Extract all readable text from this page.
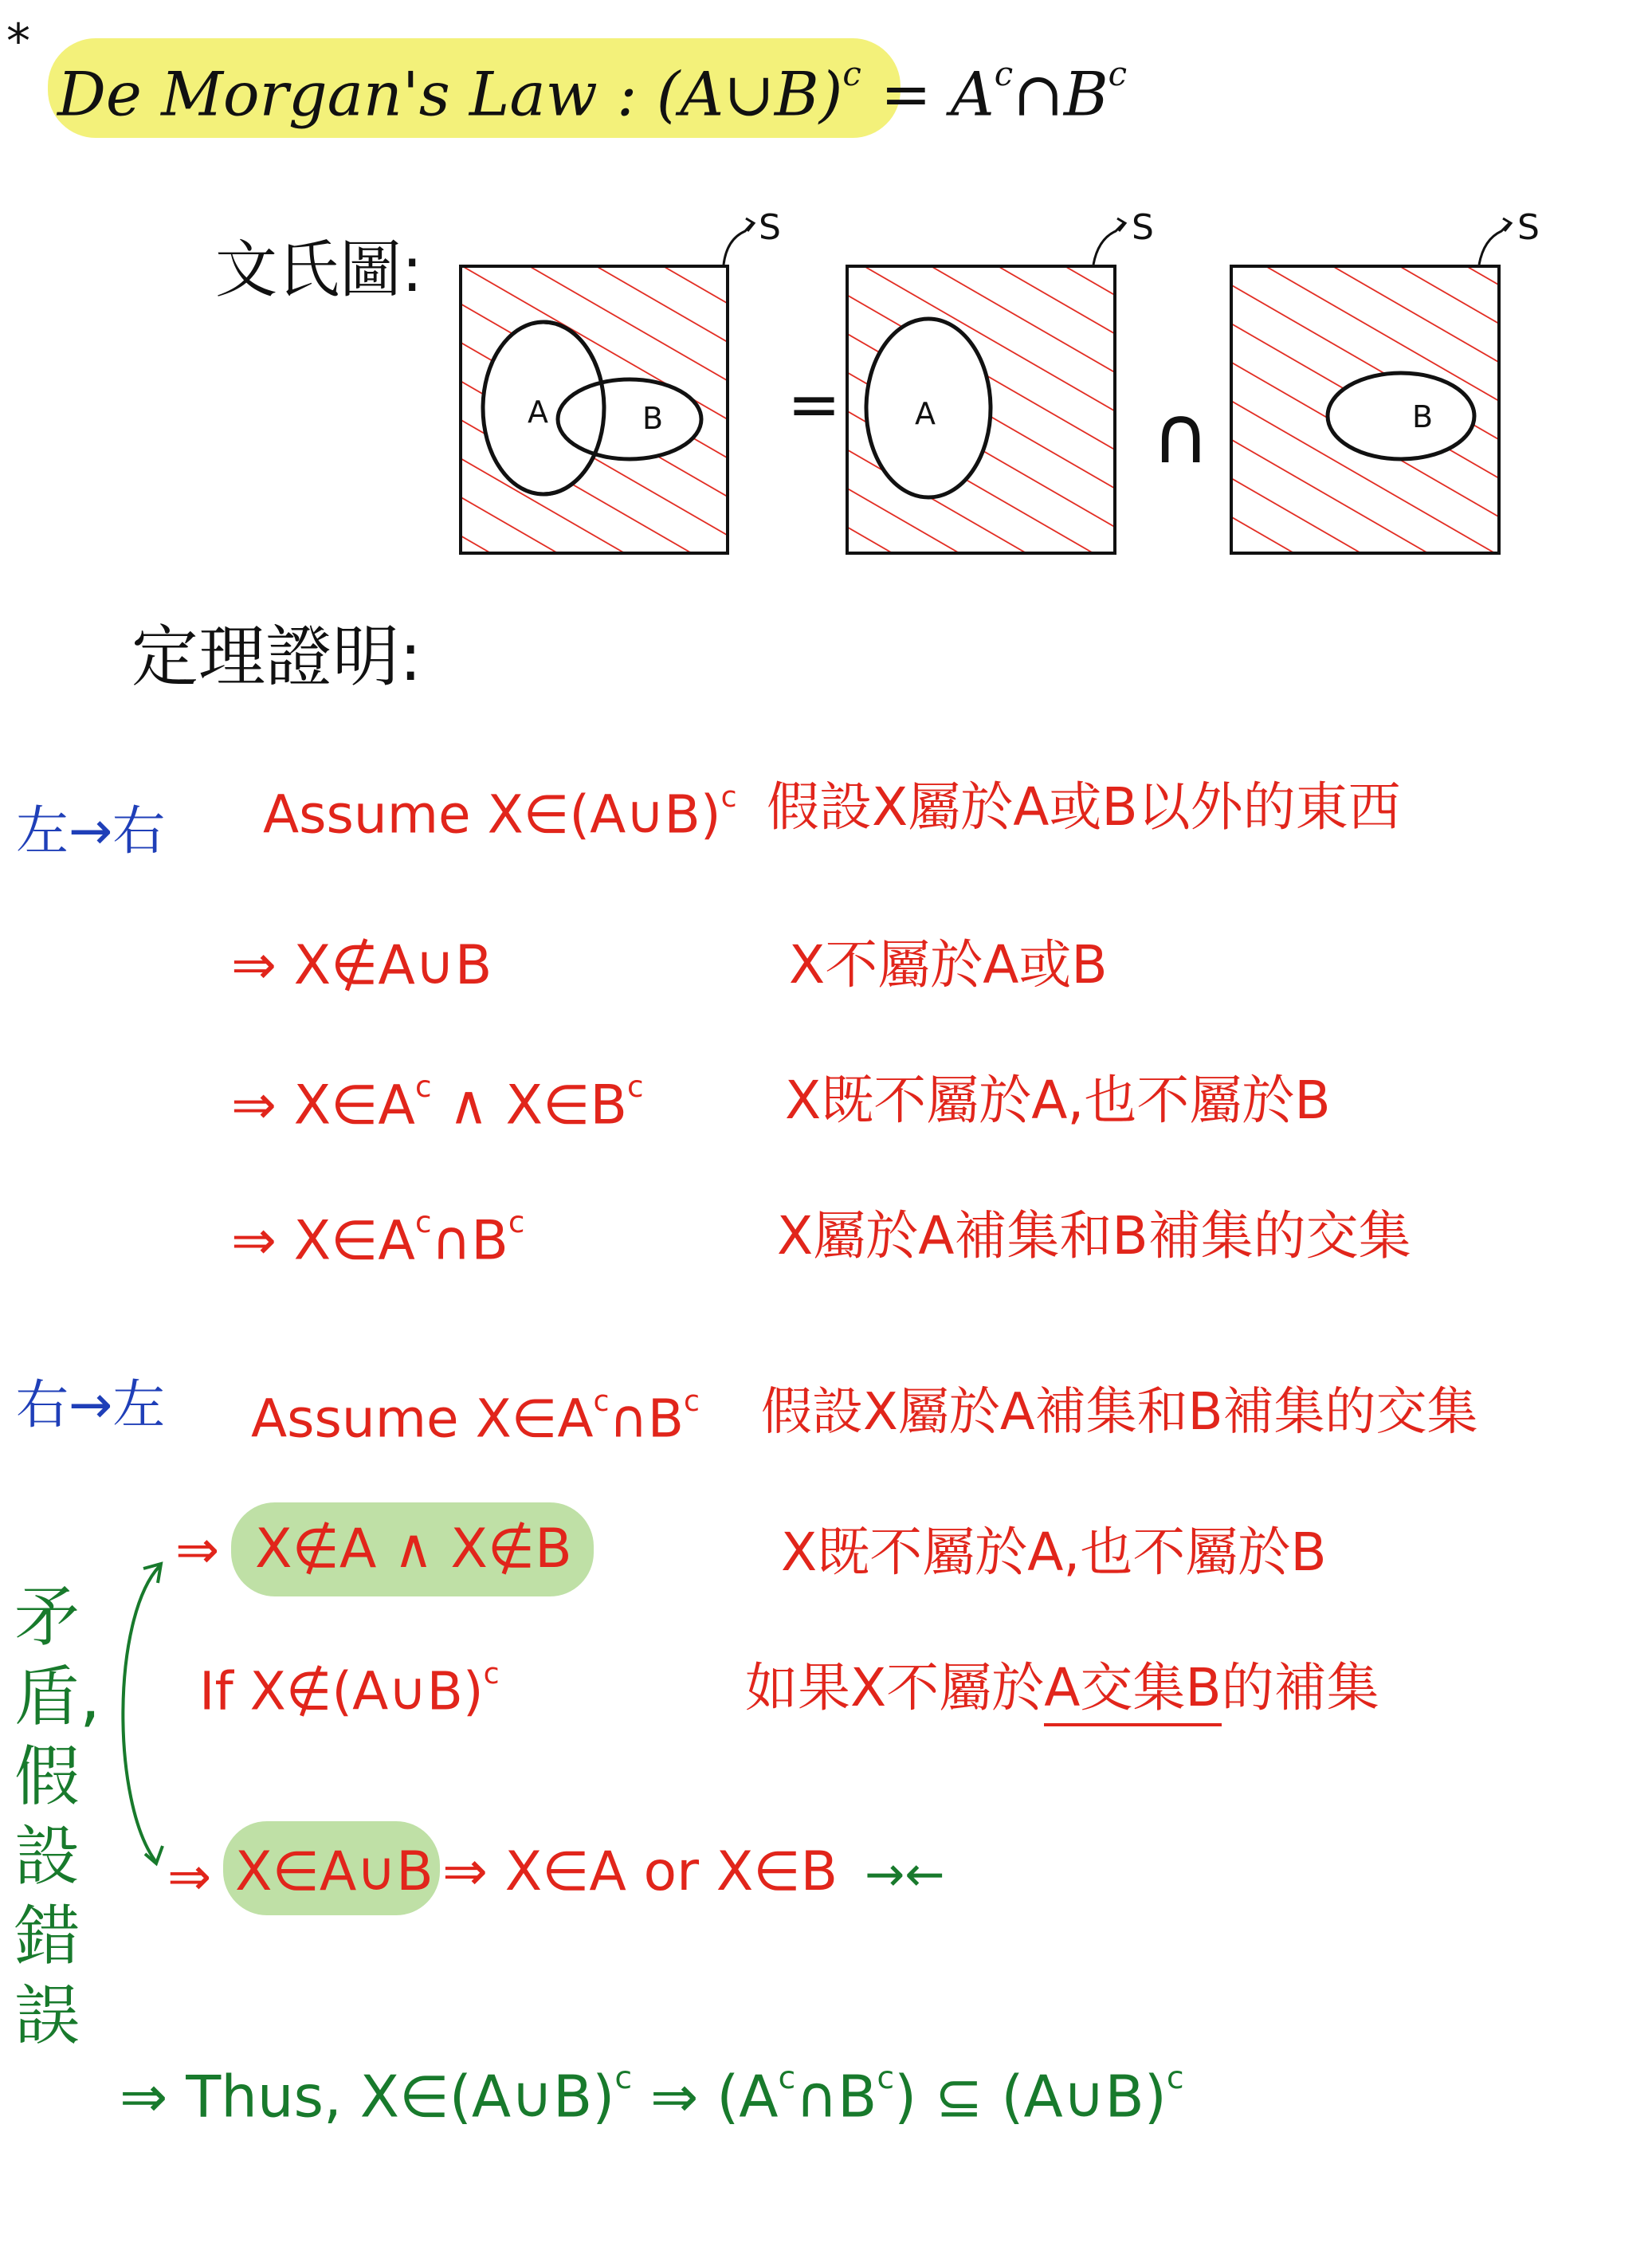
*
De Morgan's Law : (A∪B)$^c$ = $A^c\cap B^c$
文氏圖:
A	B
S
= A
S
∩	B
S
定理證明:
左→右 Assume X∈(A∪B)$^c$ 假設X屬於A或B以外的東西
⇒ X∉A∪B	X不屬於A或B
⇒ $X\in A^c$ ∧ $X\in B^c$	X既不屬於A,也不屬於B
⇒ $X\in A^c\cap B^c$	X屬於A補集和B補集的交集
右→左 Assume $X\in A^c\cap B^c$ 假設X屬於A補集和B補集的交集
⇒ X∉A ∧ X∉B	X既不屬於A,也不屬於B
If X∉(A∪B)$^c$	如果X不屬於A交集B的補集
⇒ X∈A∪B ⇒ X∈A or X∈B →←
矛盾,假設錯誤
⇒ Thus, X∈(A∪B)$^c$ ⇒ $(A^c\cap B^c)$ ⊆ (A∪B)$^c$
